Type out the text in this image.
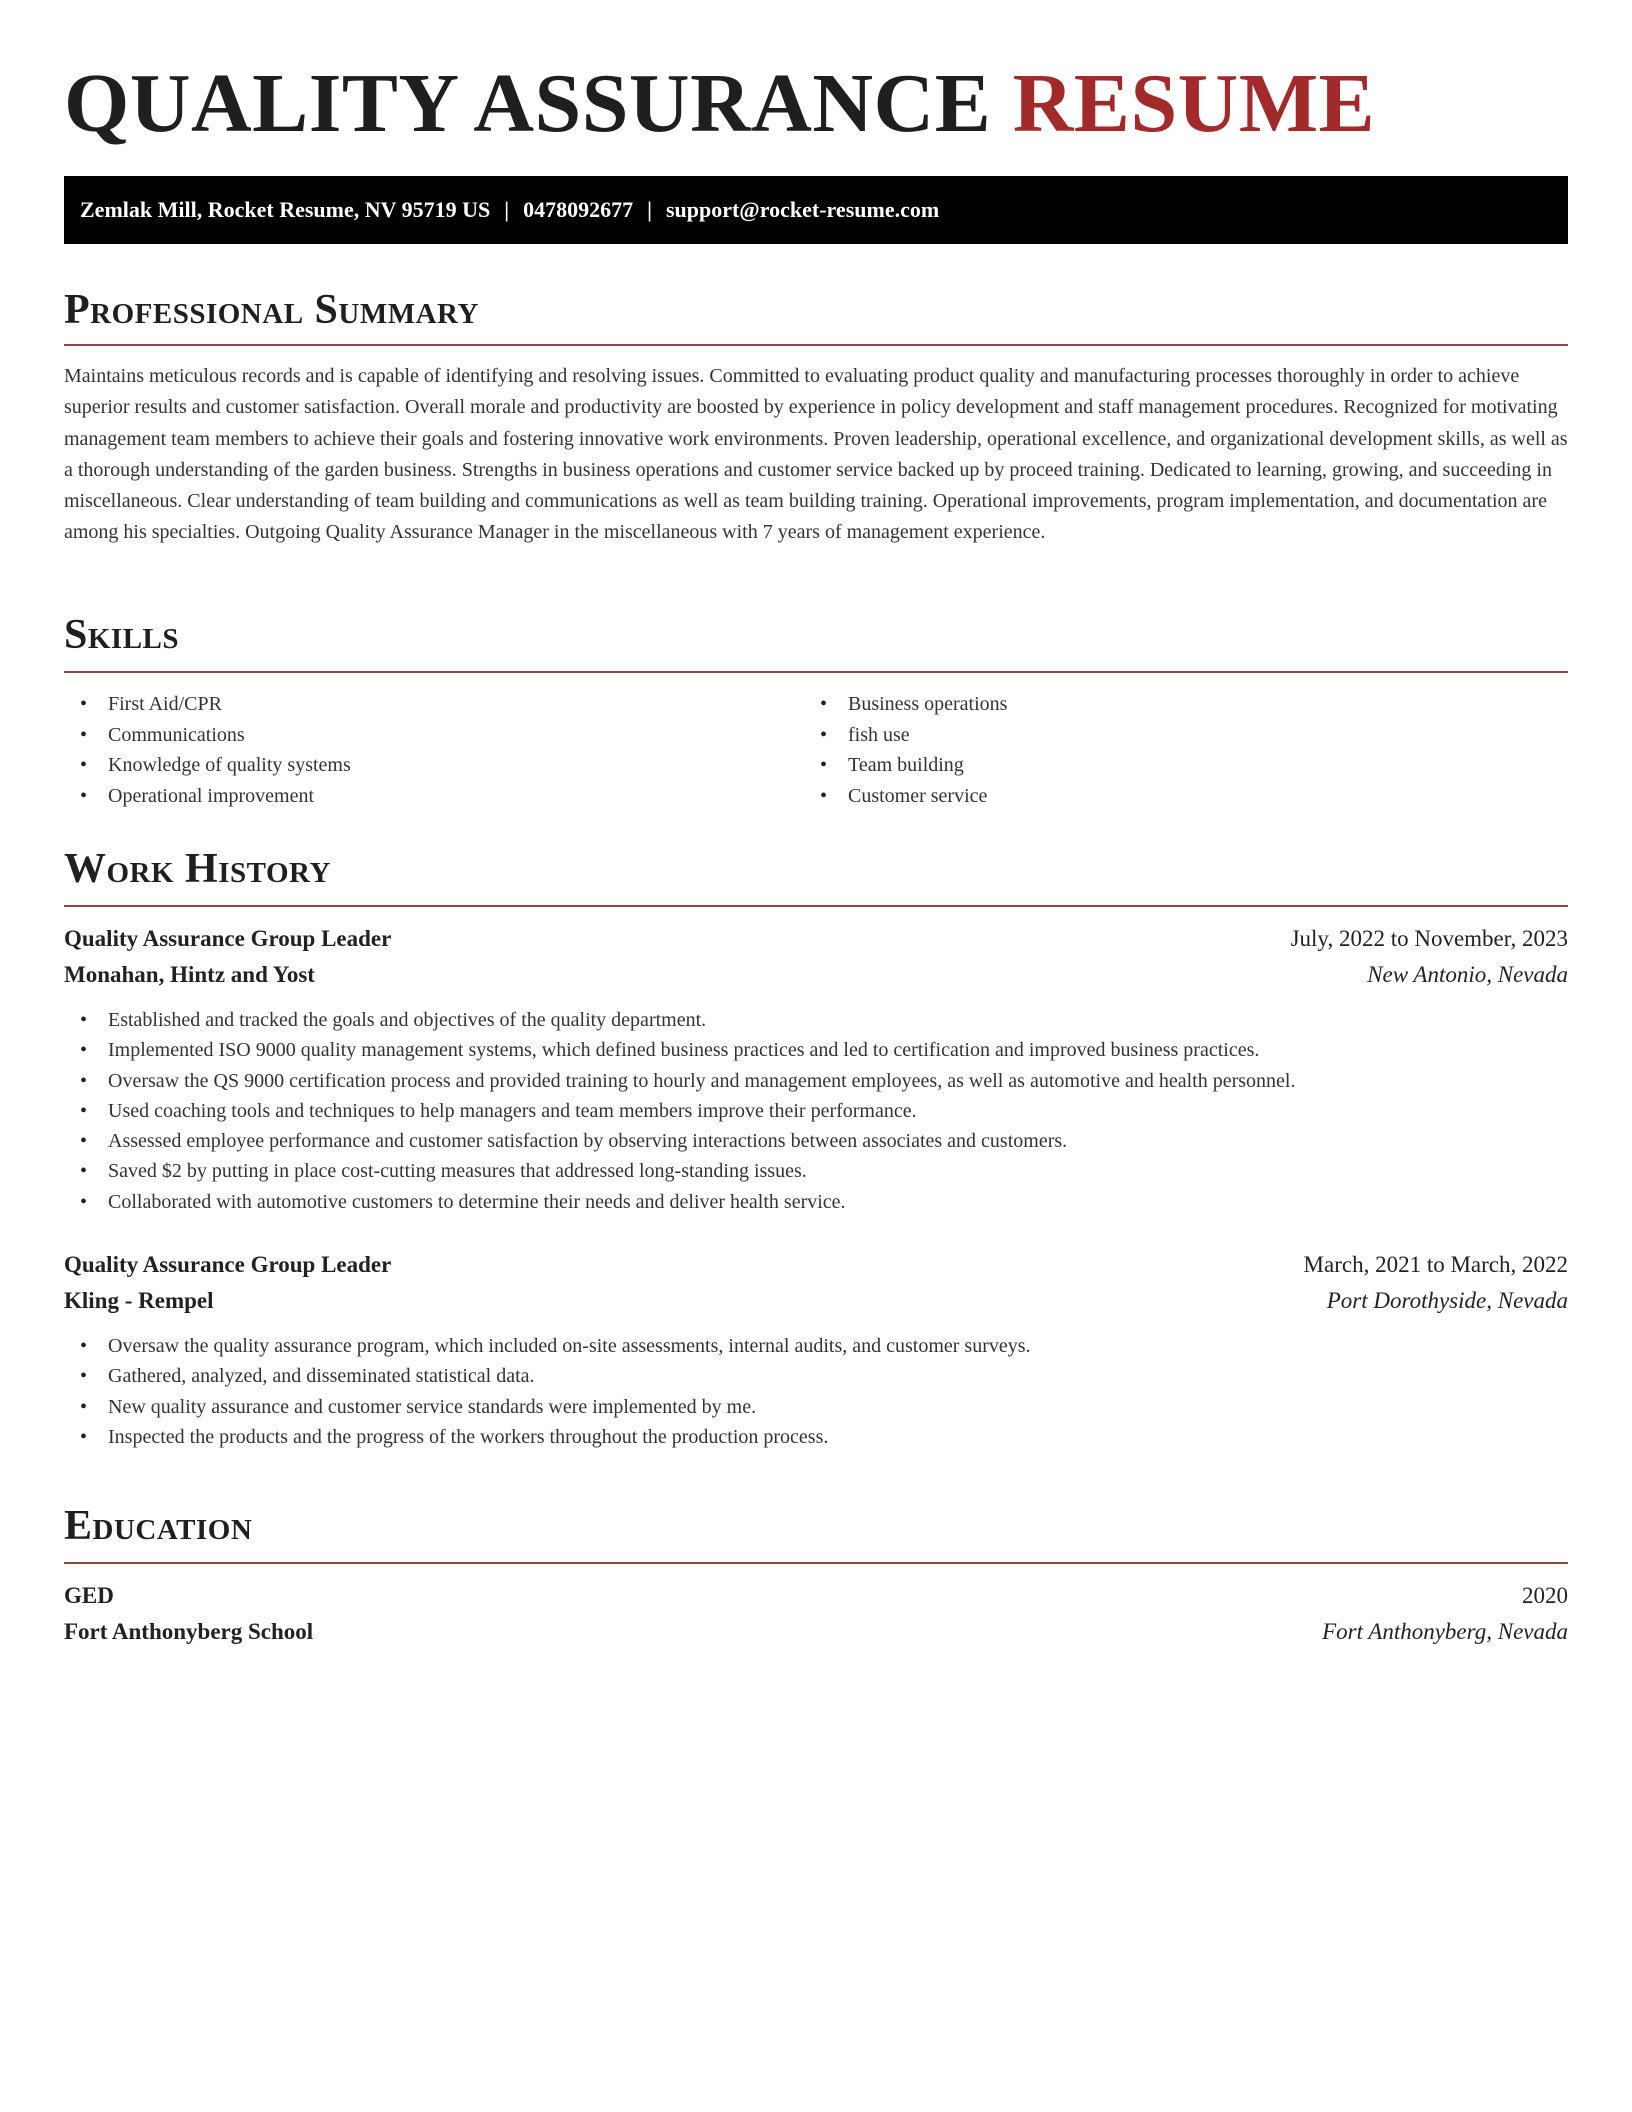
QUALITY ASSURANCE RESUME
Zemlak Mill, Rocket Resume, NV 95719 US | 0478092677 | support@rocket-resume.com
Professional Summary

Maintains meticulous records and is capable of identifying and resolving issues. Committed to evaluating product quality and manufacturing processes thoroughly in order to achieve superior results and customer satisfaction. Overall morale and productivity are boosted by experience in policy development and staff management procedures. Recognized for motivating management team members to achieve their goals and fostering innovative work environments. Proven leadership, operational excellence, and organizational development skills, as well as a thorough understanding of the garden business. Strengths in business operations and customer service backed up by proceed training. Dedicated to learning, growing, and succeeding in miscellaneous. Clear understanding of team building and communications as well as team building training. Operational improvements, program implementation, and documentation are among his specialties. Outgoing Quality Assurance Manager in the miscellaneous with 7 years of management experience.

Skills
• First Aid/CPR
• Communications
• Knowledge of quality systems
• Operational improvement
• Business operations
• fish use
• Team building
• Customer service
Work History
Quality Assurance Group Leader	July, 2022 to November, 2023
Monahan, Hintz and Yost	New Antonio, Nevada
• Established and tracked the goals and objectives of the quality department.
• Implemented ISO 9000 quality management systems, which defined business practices and led to certification and improved business practices.
• Oversaw the QS 9000 certification process and provided training to hourly and management employees, as well as automotive and health personnel.
• Used coaching tools and techniques to help managers and team members improve their performance.
• Assessed employee performance and customer satisfaction by observing interactions between associates and customers.
• Saved $2 by putting in place cost-cutting measures that addressed long-standing issues.
• Collaborated with automotive customers to determine their needs and deliver health service.
Quality Assurance Group Leader	March, 2021 to March, 2022
Kling - Rempel	Port Dorothyside, Nevada
• Oversaw the quality assurance program, which included on-site assessments, internal audits, and customer surveys.
• Gathered, analyzed, and disseminated statistical data.
• New quality assurance and customer service standards were implemented by me.
• Inspected the products and the progress of the workers throughout the production process.
Education
GED	2020
Fort Anthonyberg School	Fort Anthonyberg, Nevada
